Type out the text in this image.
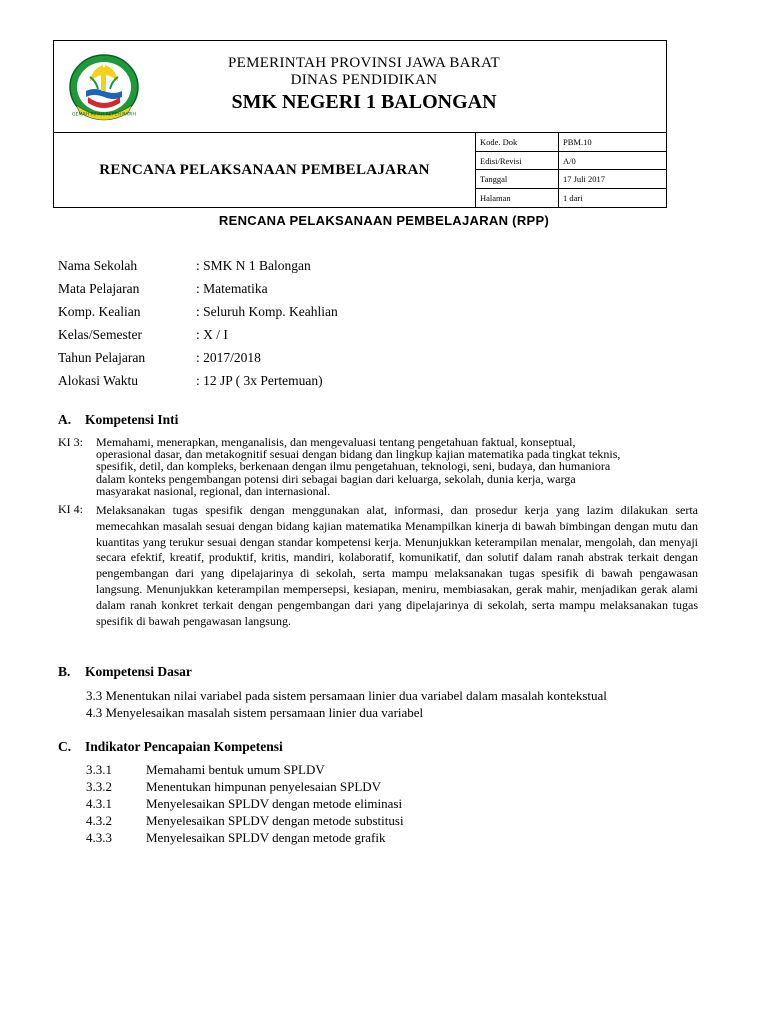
GEMAH RIPAH REPEH RAPIH
PEMERINTAH PROVINSI JAWA BARAT
DINAS PENDIDIKAN
SMK NEGERI 1 BALONGAN
RENCANA PELAKSANAAN PEMBELAJARAN
Kode. Dok	PBM.10
Edisi/Revisi	A/0
Tanggal	17 Juli 2017
Halaman	1 dari
RENCANA PELAKSANAAN PEMBELAJARAN (RPP)
Nama Sekolah	: SMK N 1 Balongan
Mata Pelajaran	: Matematika
Komp. Kealian	: Seluruh Komp. Keahlian
Kelas/Semester	: X / I
Tahun Pelajaran	: 2017/2018
Alokasi Waktu	: 12 JP ( 3x Pertemuan)
A. Kompetensi Inti
KI 3:	Memahami, menerapkan, menganalisis, dan mengevaluasi tentang pengetahuan faktual, konseptual,
operasional dasar, dan metakognitif sesuai dengan bidang dan lingkup kajian matematika pada tingkat teknis,
spesifik, detil, dan kompleks, berkenaan dengan ilmu pengetahuan, teknologi, seni, budaya, dan humaniora
dalam konteks pengembangan potensi diri sebagai bagian dari keluarga, sekolah, dunia kerja, warga
masyarakat nasional, regional, dan internasional.
KI 4:	Melaksanakan tugas spesifik dengan menggunakan alat, informasi, dan prosedur kerja yang lazim dilakukan serta memecahkan masalah sesuai dengan bidang kajian matematika Menampilkan kinerja di bawah bimbingan dengan mutu dan kuantitas yang terukur sesuai dengan standar kompetensi kerja. Menunjukkan keterampilan menalar, mengolah, dan menyaji secara efektif, kreatif, produktif, kritis, mandiri, kolaboratif, komunikatif, dan solutif dalam ranah abstrak terkait dengan pengembangan dari yang dipelajarinya di sekolah, serta mampu melaksanakan tugas spesifik di bawah pengawasan langsung. Menunjukkan keterampilan mempersepsi, kesiapan, meniru, membiasakan, gerak mahir, menjadikan gerak alami dalam ranah konkret terkait dengan pengembangan dari yang dipelajarinya di sekolah, serta mampu melaksanakan tugas spesifik di bawah pengawasan langsung.
B. Kompetensi Dasar
3.3 Menentukan nilai variabel pada sistem persamaan linier dua variabel dalam masalah kontekstual
4.3 Menyelesaikan masalah sistem persamaan linier dua variabel
C. Indikator Pencapaian Kompetensi
3.3.1	Memahami bentuk umum SPLDV
3.3.2	Menentukan himpunan penyelesaian SPLDV
4.3.1	Menyelesaikan SPLDV dengan metode eliminasi
4.3.2	Menyelesaikan SPLDV dengan metode substitusi
4.3.3	Menyelesaikan SPLDV dengan metode grafik
